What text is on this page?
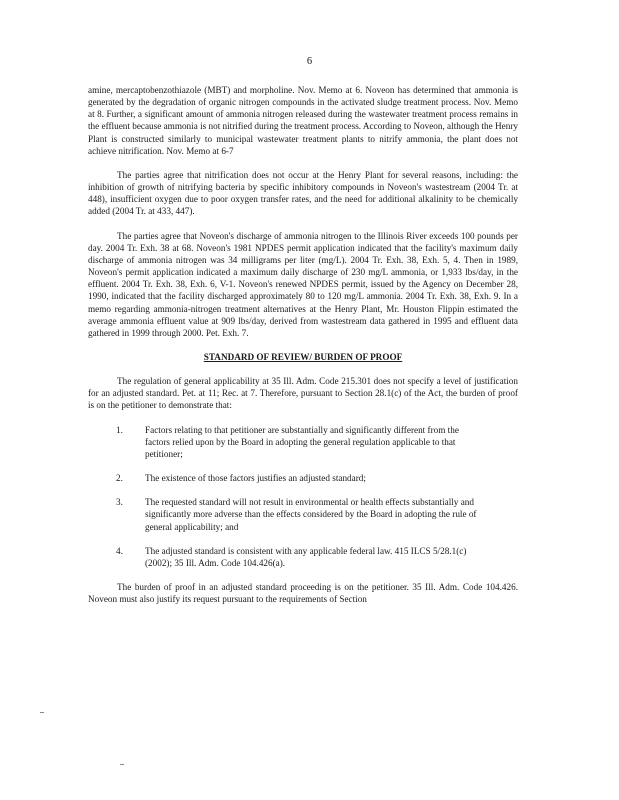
6

amine, mercaptobenzothiazole (MBT) and morpholine. Nov. Memo at 6. Noveon has determined that ammonia is generated by the degradation of organic nitrogen compounds in the activated sludge treatment process. Nov. Memo at 8. Further, a significant amount of ammonia nitrogen released during the wastewater treatment process remains in the effluent because ammonia is not nitrified during the treatment process. According to Noveon, although the Henry Plant is constructed similarly to municipal wastewater treatment plants to nitrify ammonia, the plant does not achieve nitrification. Nov. Memo at 6-7

The parties agree that nitrification does not occur at the Henry Plant for several reasons, including: the inhibition of growth of nitrifying bacteria by specific inhibitory compounds in Noveon's wastestream (2004 Tr. at 448), insufficient oxygen due to poor oxygen transfer rates, and the need for additional alkalinity to be chemically added (2004 Tr. at 433, 447).

The parties agree that Noveon's discharge of ammonia nitrogen to the Illinois River exceeds 100 pounds per day. 2004 Tr. Exh. 38 at 68. Noveon's 1981 NPDES permit application indicated that the facility's maximum daily discharge of ammonia nitrogen was 34 milligrams per liter (mg/L). 2004 Tr. Exh. 38, Exh. 5, 4. Then in 1989, Noveon's permit application indicated a maximum daily discharge of 230 mg/L ammonia, or 1,933 lbs/day, in the effluent. 2004 Tr. Exh. 38, Exh. 6, V-1. Noveon's renewed NPDES permit, issued by the Agency on December 28, 1990, indicated that the facility discharged approximately 80 to 120 mg/L ammonia. 2004 Tr. Exh. 38, Exh. 9. In a memo regarding ammonia-nitrogen treatment alternatives at the Henry Plant, Mr. Houston Flippin estimated the average ammonia effluent value at 909 lbs/day, derived from wastestream data gathered in 1995 and effluent data gathered in 1999 through 2000. Pet. Exh. 7.

STANDARD OF REVIEW/ BURDEN OF PROOF

The regulation of general applicability at 35 Ill. Adm. Code 215.301 does not specify a level of justification for an adjusted standard. Pet. at 11; Rec. at 7. Therefore, pursuant to Section 28.1(c) of the Act, the burden of proof is on the petitioner to demonstrate that:

1.	Factors relating to that petitioner are substantially and significantly different from the factors relied upon by the Board in adopting the general regulation applicable to that petitioner;
2.	The existence of those factors justifies an adjusted standard;
3.	The requested standard will not result in environmental or health effects substantially and significantly more adverse than the effects considered by the Board in adopting the rule of general applicability; and
4.	The adjusted standard is consistent with any applicable federal law. 415 ILCS 5/28.1(c) (2002); 35 Ill. Adm. Code 104.426(a).

The burden of proof in an adjusted standard proceeding is on the petitioner. 35 Ill. Adm. Code 104.426. Noveon must also justify its request pursuant to the requirements of Section
